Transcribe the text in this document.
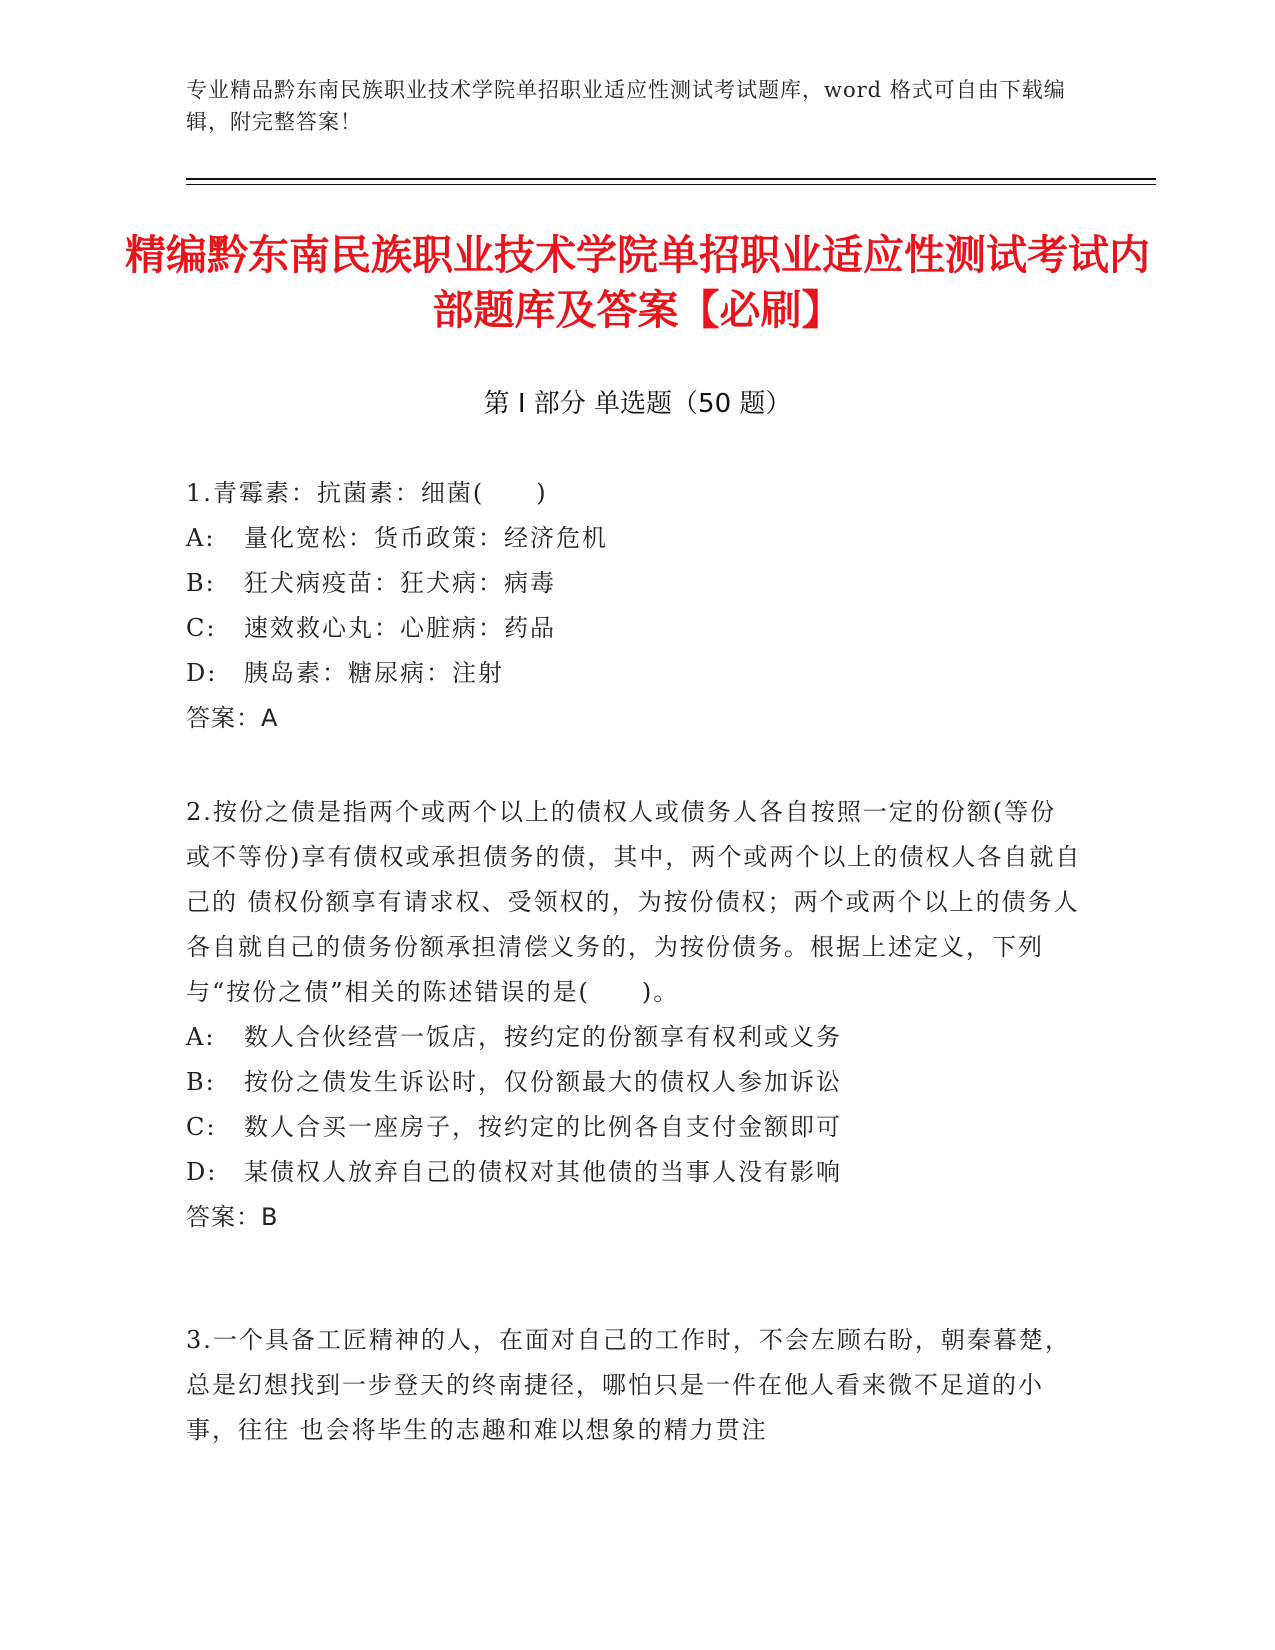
专业精品黔东南民族职业技术学院单招职业适应性测试考试题库，word 格式可自由下载编辑，附完整答案！
精编黔东南民族职业技术学院单招职业适应性测试考试内部题库及答案【必刷】
第 I 部分 单选题（50 题）
1.青霉素：抗菌素：细菌(　　)
A:	量化宽松：货币政策：经济危机
B:	狂犬病疫苗：狂犬病：病毒
C:	速效救心丸：心脏病：药品
D:	胰岛素：糖尿病：注射
答案：A
2.按份之债是指两个或两个以上的债权人或债务人各自按照一定的份额(等份 或不等份)享有债权或承担债务的债，其中，两个或两个以上的债权人各自就自己的 债权份额享有请求权、受领权的，为按份债权；两个或两个以上的债务人各自就自己的债务份额承担清偿义务的，为按份债务。根据上述定义，下列与“按份之债”相关的陈述错误的是(　　)。
A:	数人合伙经营一饭店，按约定的份额享有权利或义务
B:	按份之债发生诉讼时，仅份额最大的债权人参加诉讼
C:	数人合买一座房子，按约定的比例各自支付金额即可
D:	某债权人放弃自己的债权对其他债的当事人没有影响
答案：B
3.一个具备工匠精神的人，在面对自己的工作时，不会左顾右盼，朝秦暮楚， 总是幻想找到一步登天的终南捷径，哪怕只是一件在他人看来微不足道的小事，往往 也会将毕生的志趣和难以想象的精力贯注
